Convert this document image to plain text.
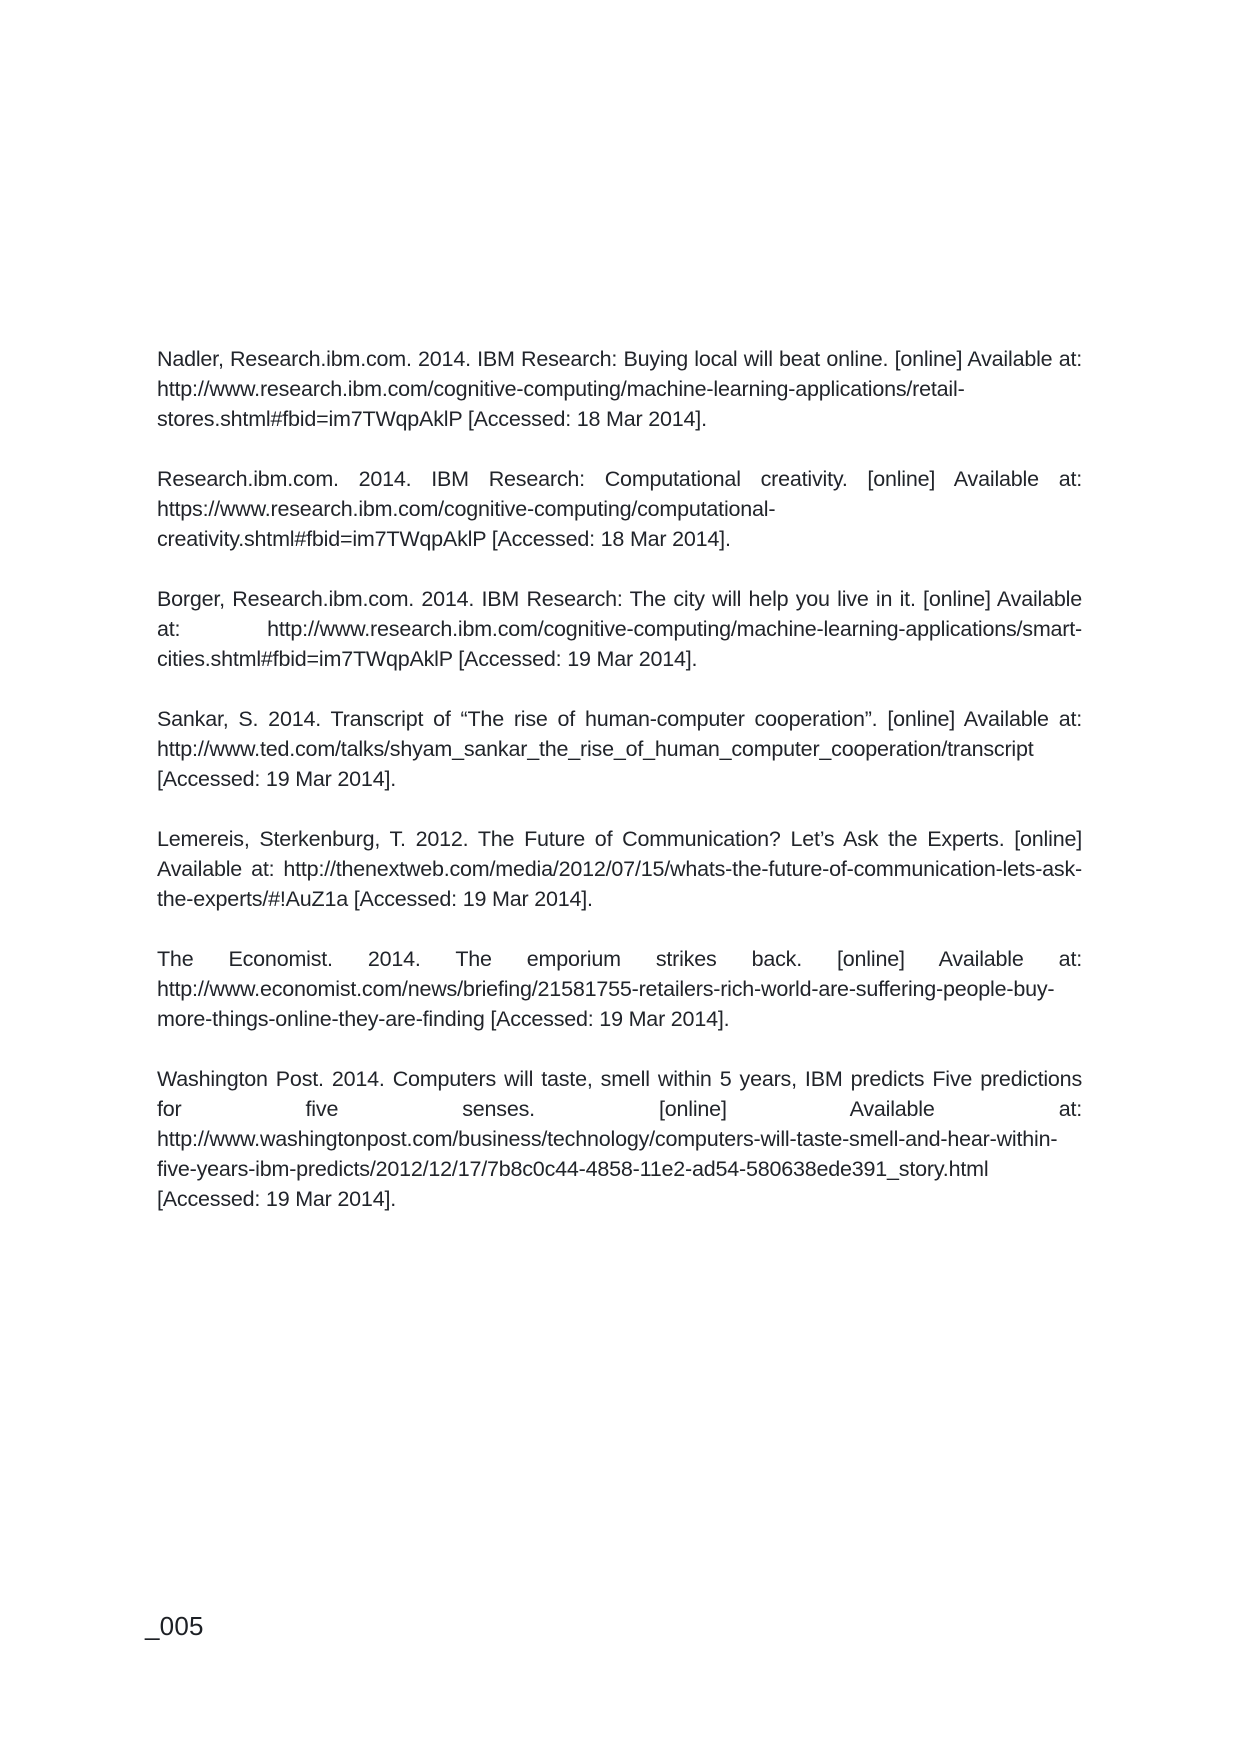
Nadler, Research.ibm.com. 2014. IBM Research: Buying local will beat online. [online] Available at: http://www.research.ibm.com/cognitive-computing/machine-learning-applications/retail-stores.shtml#fbid=im7TWqpAklP [Accessed: 18 Mar 2014].

Research.ibm.com. 2014. IBM Research: Computational creativity. [online] Available at: https://www.research.ibm.com/cognitive-computing/computational-creativity.shtml#fbid=im7TWqpAklP [Accessed: 18 Mar 2014].

Borger, Research.ibm.com. 2014. IBM Research: The city will help you live in it. [online] Available at: http://www.research.ibm.com/cognitive-computing/machine-learning-applications/smart-cities.shtml#fbid=im7TWqpAklP [Accessed: 19 Mar 2014].

Sankar, S. 2014. Transcript of “The rise of human-computer cooperation”. [online] Available at: http://www.ted.com/talks/shyam_sankar_the_rise_of_human_computer_cooperation/transcript [Accessed: 19 Mar 2014].

Lemereis, Sterkenburg, T. 2012. The Future of Communication? Let’s Ask the Experts. [online] Available at: http://thenextweb.com/media/2012/07/15/whats-the-future-of-communication-lets-ask-the-experts/#!AuZ1a [Accessed: 19 Mar 2014].

The Economist. 2014. The emporium strikes back. [online] Available at: http://www.economist.com/news/briefing/21581755-retailers-rich-world-are-suffering-people-buy-more-things-online-they-are-finding [Accessed: 19 Mar 2014].

Washington Post. 2014. Computers will taste, smell within 5 years, IBM predicts Five predictions for five senses. [online] Available at: http://www.washingtonpost.com/business/technology/computers-will-taste-smell-and-hear-within-five-years-ibm-predicts/2012/12/17/7b8c0c44-4858-11e2-ad54-580638ede391_story.html [Accessed: 19 Mar 2014].

_005
